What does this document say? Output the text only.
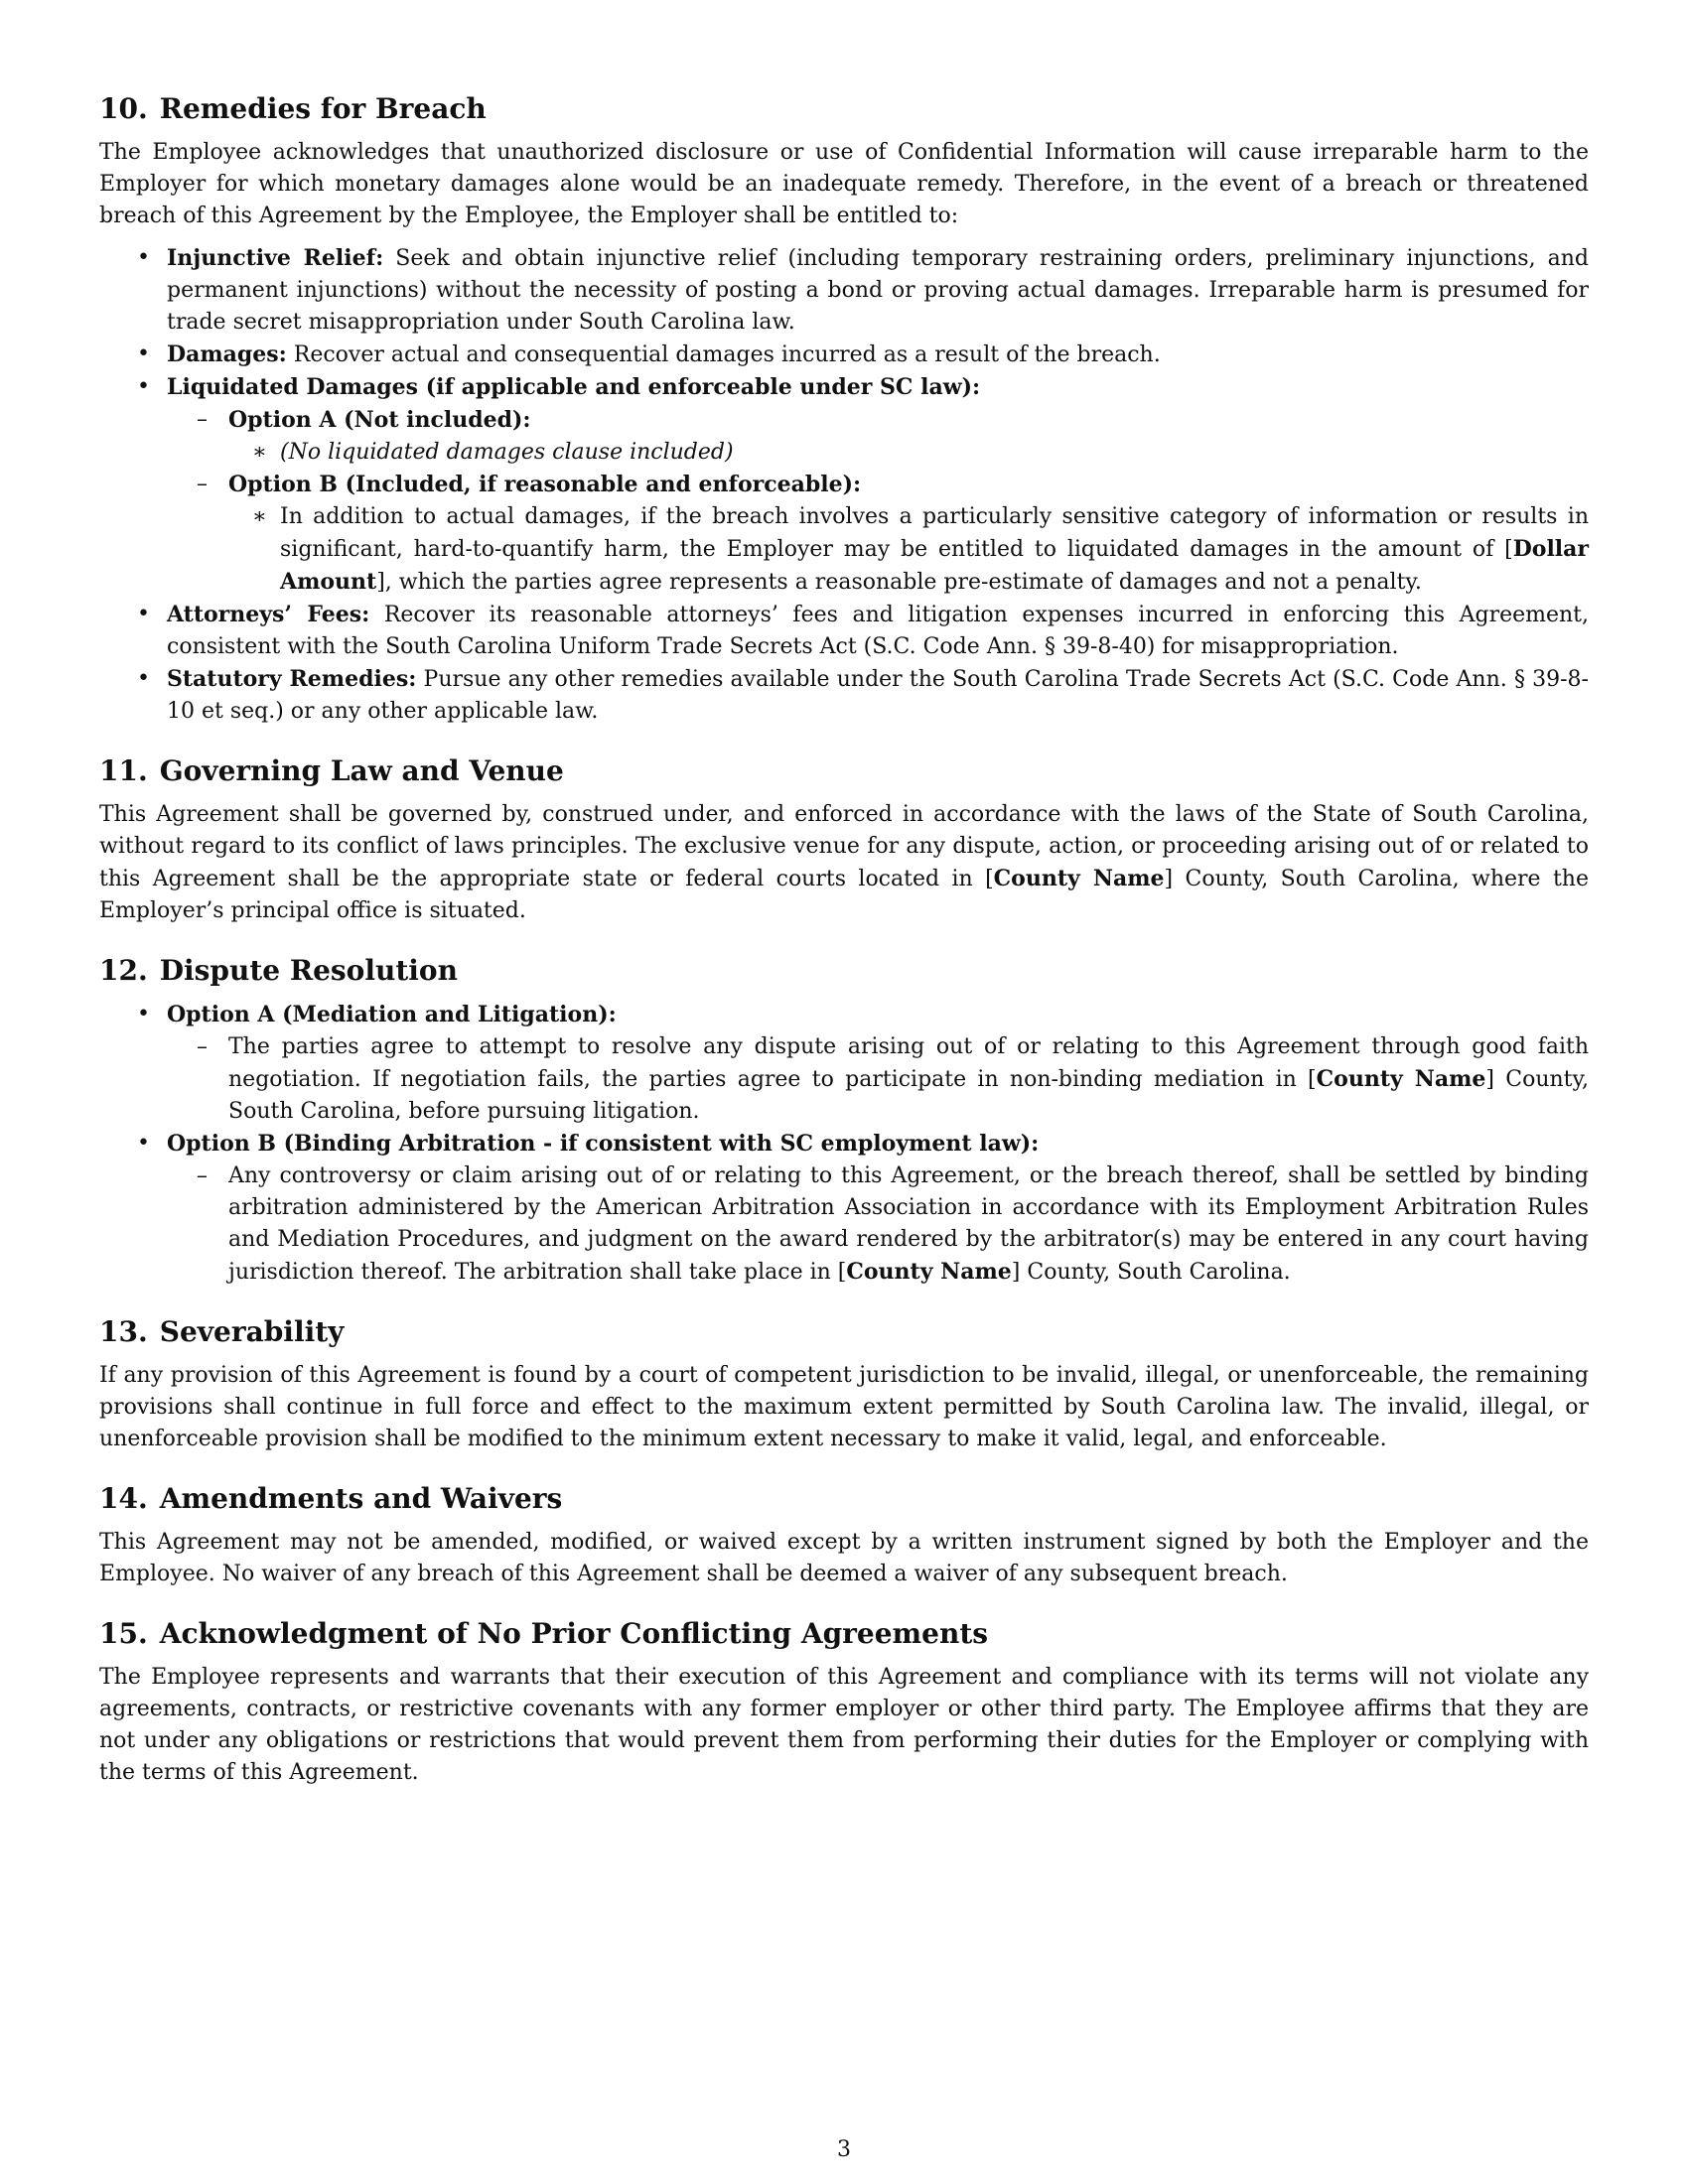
10. Remedies for Breach

The Employee acknowledges that unauthorized disclosure or use of Confidential Information will cause irreparable harm to the Employer for which monetary damages alone would be an inadequate remedy. Therefore, in the event of a breach or threatened breach of this Agreement by the Employee, the Employer shall be entitled to:

• Injunctive Relief: Seek and obtain injunctive relief (including temporary restraining orders, preliminary injunctions, and permanent injunctions) without the necessity of posting a bond or proving actual damages. Irreparable harm is presumed for trade secret misappropriation under South Carolina law.
• Damages: Recover actual and consequential damages incurred as a result of the breach.
• Liquidated Damages (if applicable and enforceable under SC law):
– Option A (Not included):
∗ (No liquidated damages clause included)
– Option B (Included, if reasonable and enforceable):
∗ In addition to actual damages, if the breach involves a particularly sensitive category of information or results in significant, hard-to-quantify harm, the Employer may be entitled to liquidated damages in the amount of [Dollar Amount], which the parties agree represents a reasonable pre-estimate of damages and not a penalty.
• Attorneys’ Fees: Recover its reasonable attorneys’ fees and litigation expenses incurred in enforcing this Agreement, consistent with the South Carolina Uniform Trade Secrets Act (S.C. Code Ann. § 39-8-40) for misappropriation.
• Statutory Remedies: Pursue any other remedies available under the South Carolina Trade Secrets Act (S.C. Code Ann. § 39-8-10 et seq.) or any other applicable law.
11. Governing Law and Venue

This Agreement shall be governed by, construed under, and enforced in accordance with the laws of the State of South Carolina, without regard to its conflict of laws principles. The exclusive venue for any dispute, action, or proceeding arising out of or related to this Agreement shall be the appropriate state or federal courts located in [County Name] County, South Carolina, where the Employer’s principal office is situated.

12. Dispute Resolution
• Option A (Mediation and Litigation):
– The parties agree to attempt to resolve any dispute arising out of or relating to this Agreement through good faith negotiation. If negotiation fails, the parties agree to participate in non-binding mediation in [County Name] County, South Carolina, before pursuing litigation.
• Option B (Binding Arbitration - if consistent with SC employment law):
– Any controversy or claim arising out of or relating to this Agreement, or the breach thereof, shall be settled by binding arbitration administered by the American Arbitration Association in accordance with its Employment Arbitration Rules and Mediation Procedures, and judgment on the award rendered by the arbitrator(s) may be entered in any court having jurisdiction thereof. The arbitration shall take place in [County Name] County, South Carolina.
13. Severability

If any provision of this Agreement is found by a court of competent jurisdiction to be invalid, illegal, or unenforceable, the remaining provisions shall continue in full force and effect to the maximum extent permitted by South Carolina law. The invalid, illegal, or unenforceable provision shall be modified to the minimum extent necessary to make it valid, legal, and enforceable.

14. Amendments and Waivers

This Agreement may not be amended, modified, or waived except by a written instrument signed by both the Employer and the Employee. No waiver of any breach of this Agreement shall be deemed a waiver of any subsequent breach.

15. Acknowledgment of No Prior Conflicting Agreements

The Employee represents and warrants that their execution of this Agreement and compliance with its terms will not violate any agreements, contracts, or restrictive covenants with any former employer or other third party. The Employee affirms that they are not under any obligations or restrictions that would prevent them from performing their duties for the Employer or complying with the terms of this Agreement.

3
